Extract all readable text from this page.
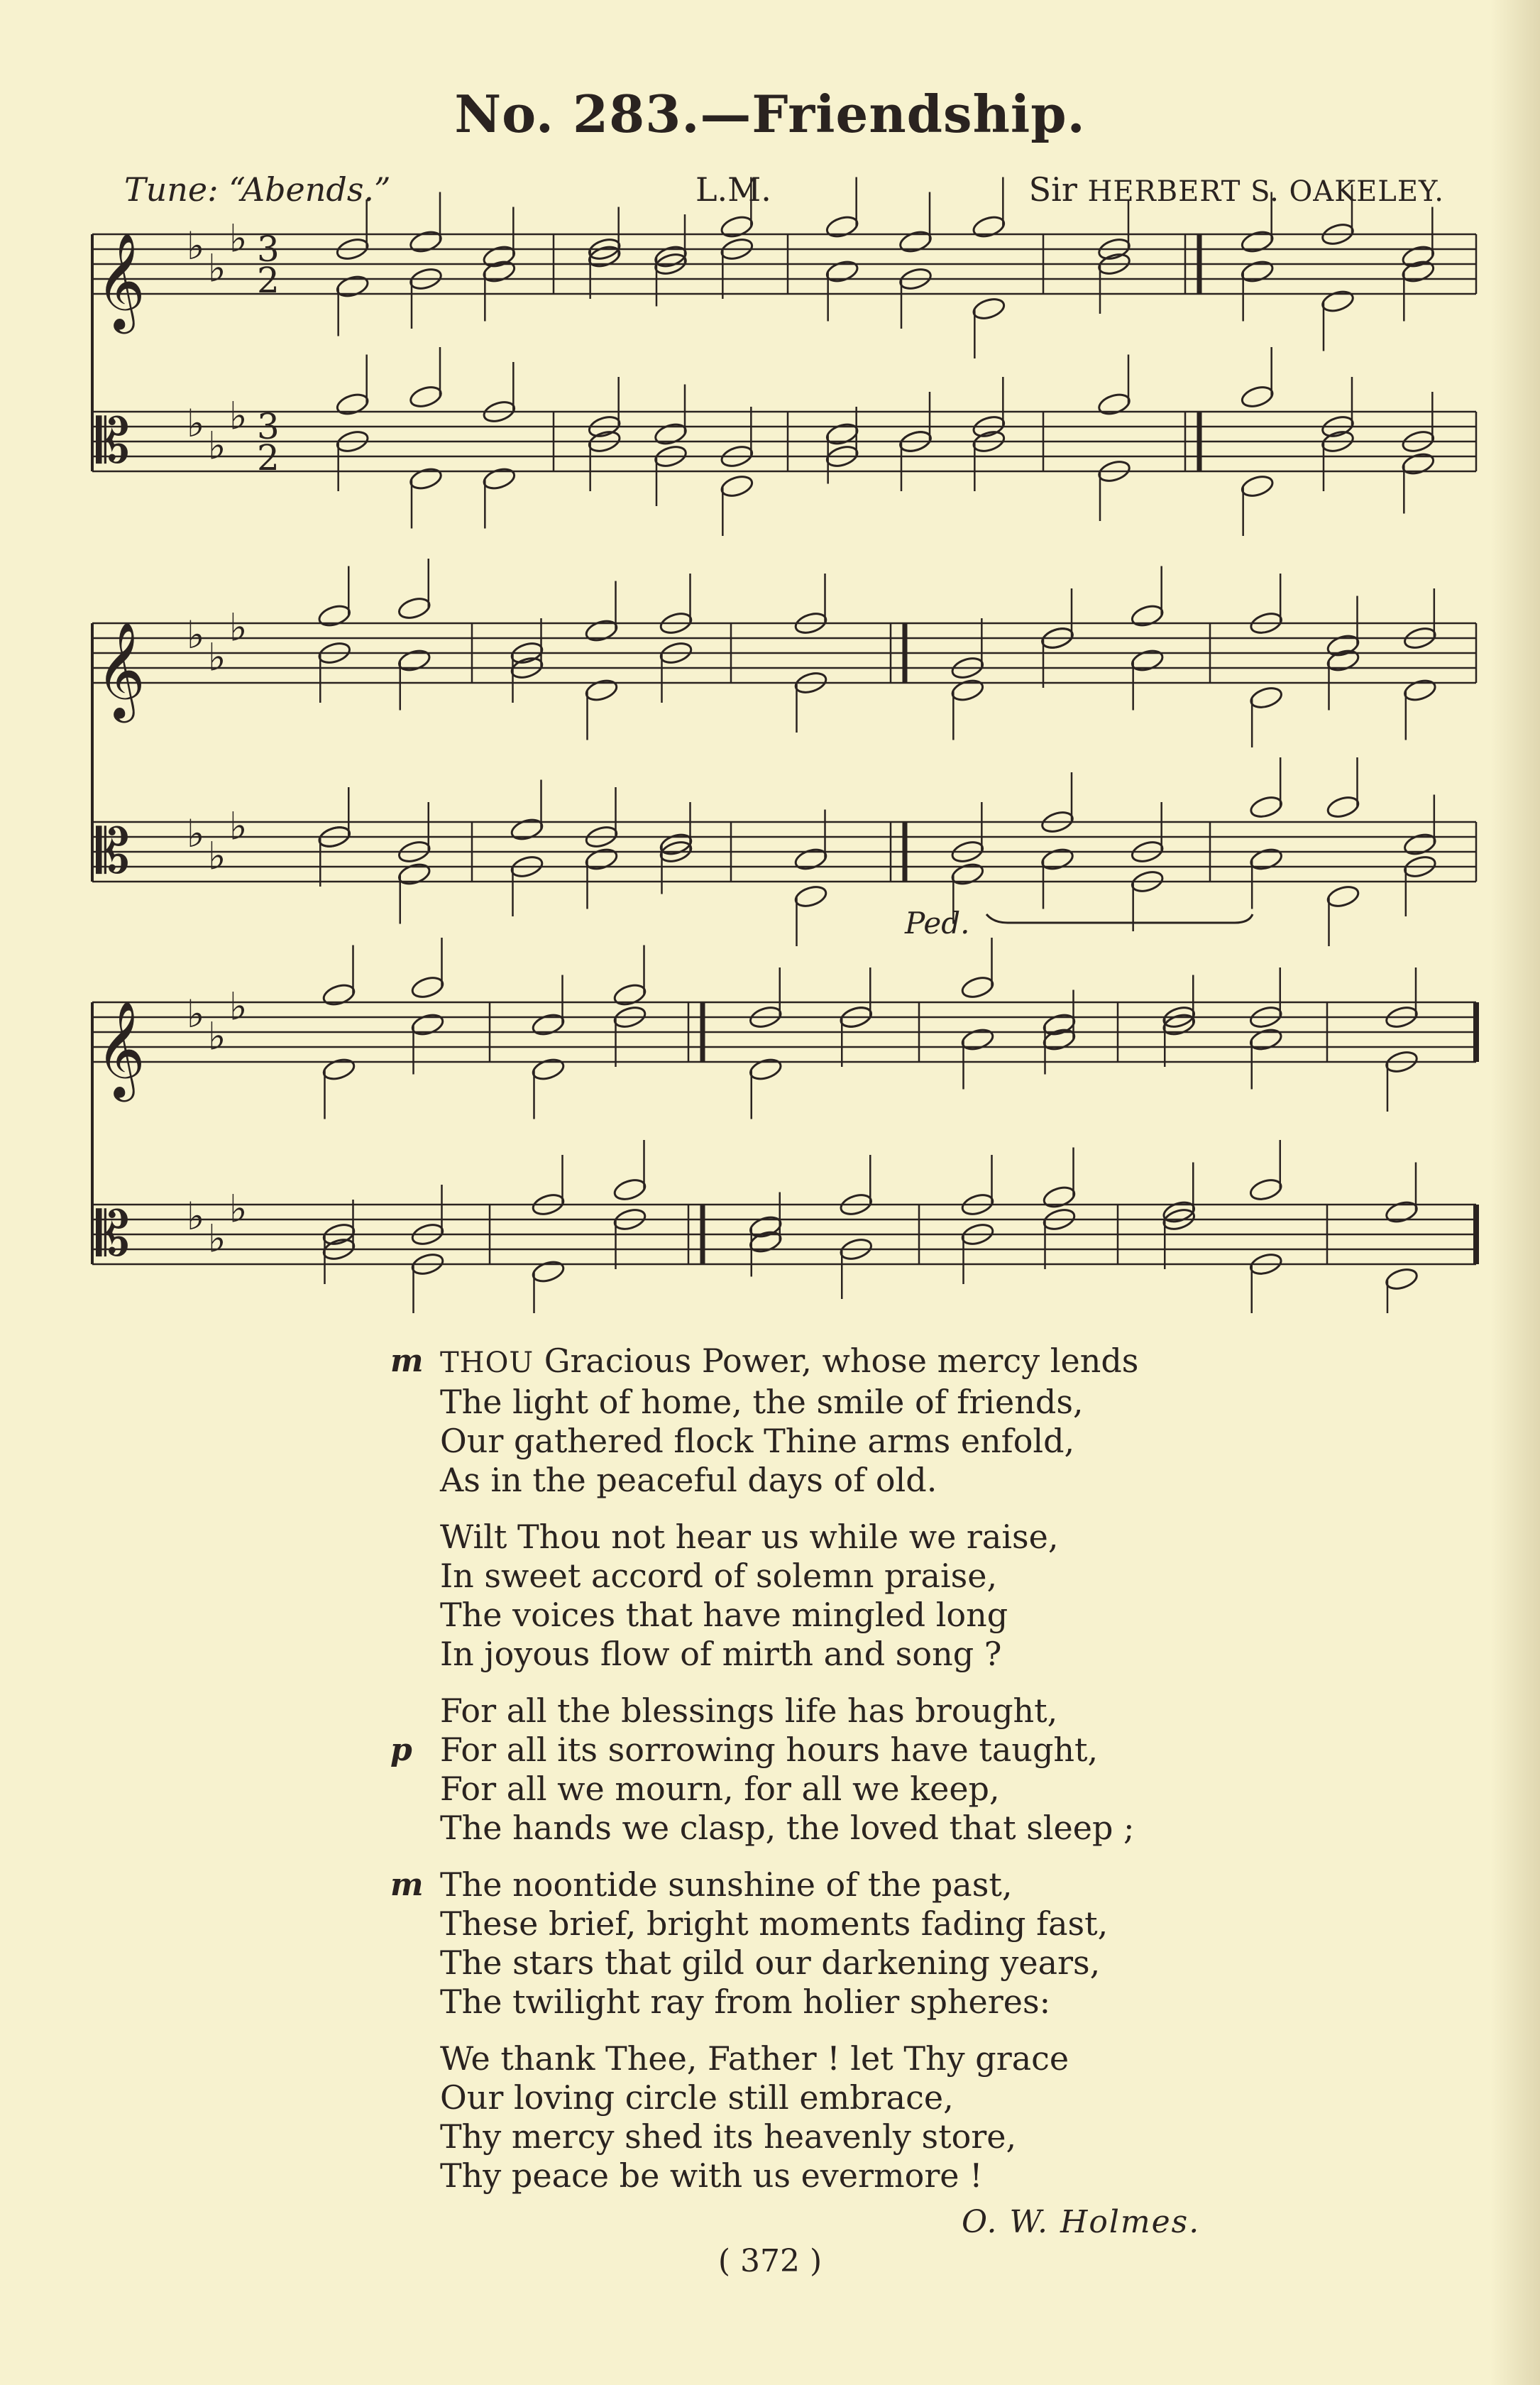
No. 283.—Friendship.
Tune: “Abends.”	L.M.	Sir HERBERT S. OAKELEY.
𝄞 ♭ ♭
♭ 3
2
𝄡 ♭ ♭
♭ 3
2
𝄞 ♭ ♭
♭
𝄡 ♭ ♭
♭
𝄞 ♭ ♭
♭
𝄡 ♭ ♭
♭
Ped.
m THOU Gracious Power, whose mercy lends
The light of home, the smile of friends,
Our gathered flock Thine arms enfold,
As in the peaceful days of old.
Wilt Thou not hear us while we raise,
In sweet accord of solemn praise,
The voices that have mingled long
In joyous flow of mirth and song ?
For all the blessings life has brought,
p For all its sorrowing hours have taught,
For all we mourn, for all we keep,
The hands we clasp, the loved that sleep ;
m The noontide sunshine of the past,
These brief, bright moments fading fast,
The stars that gild our darkening years,
The twilight ray from holier spheres:
We thank Thee, Father ! let Thy grace
Our loving circle still embrace,
Thy mercy shed its heavenly store,
Thy peace be with us evermore !
O. W. Holmes.
( 372 )
